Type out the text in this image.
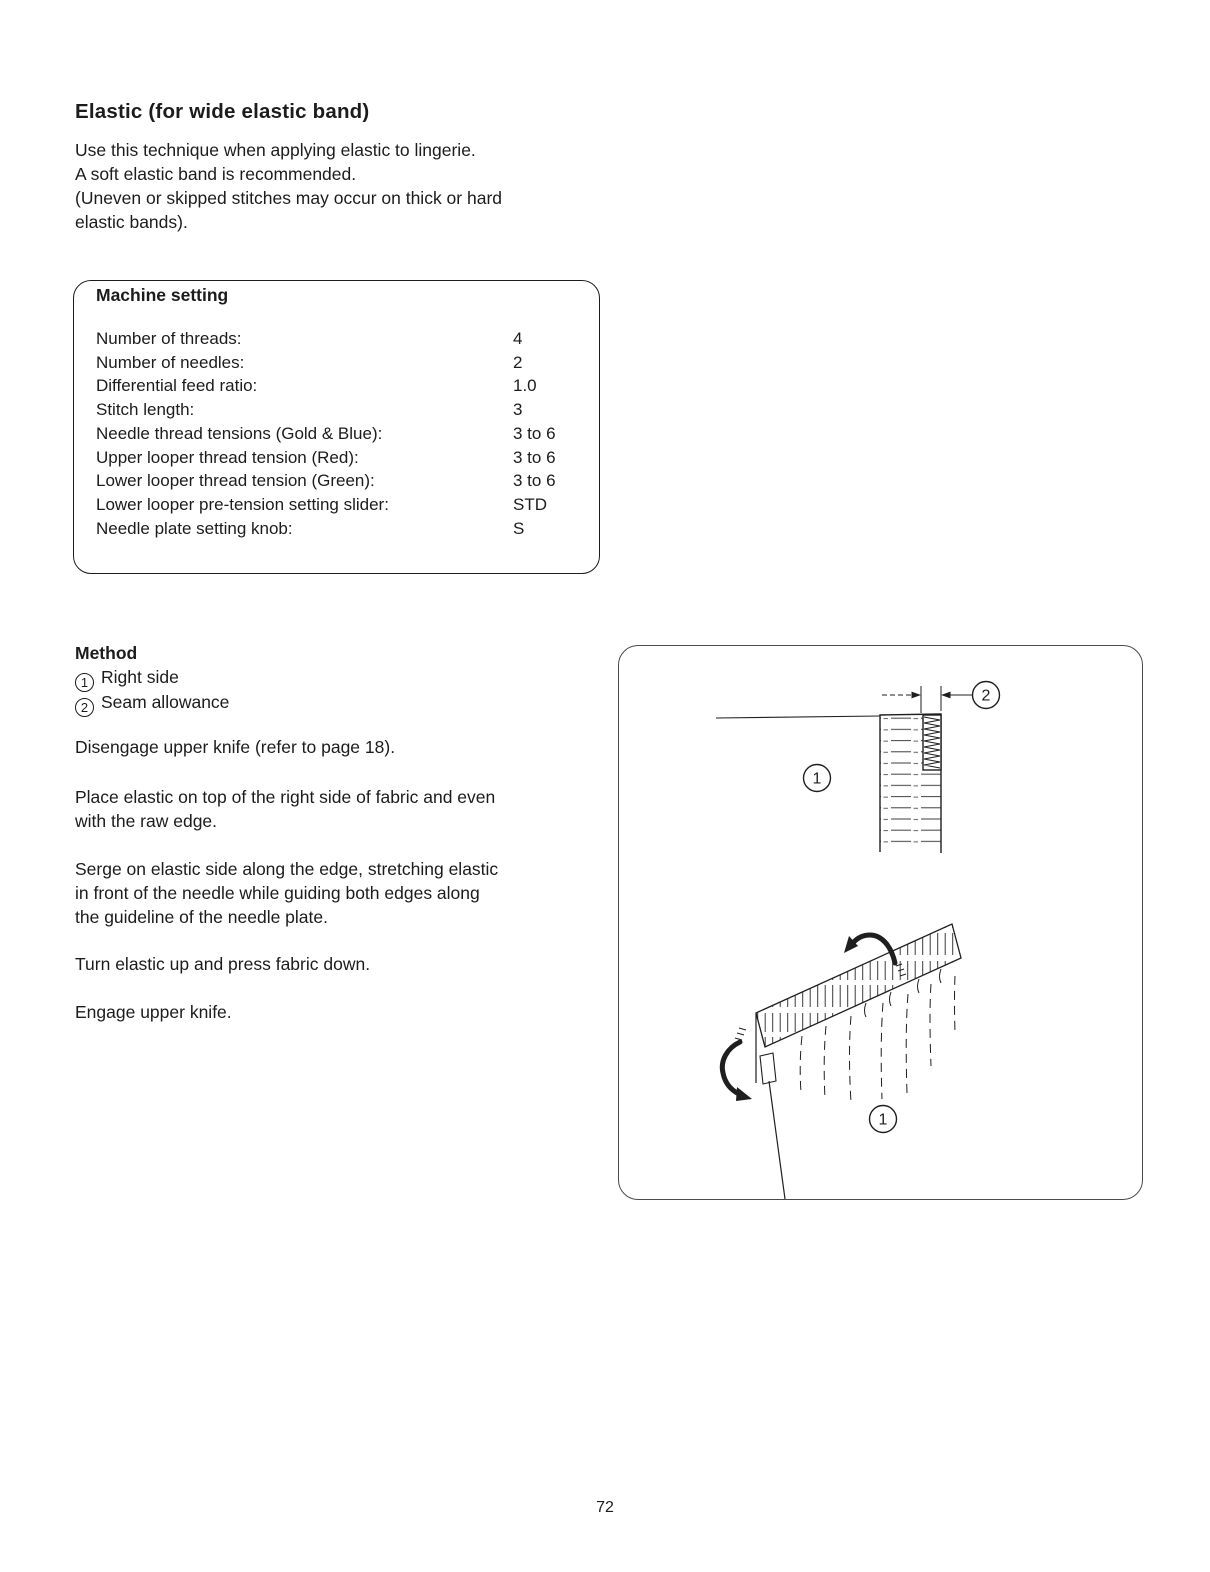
Elastic (for wide elastic band)
Use this technique when applying elastic to lingerie.
A soft elastic band is recommended.
(Uneven or skipped stitches may occur on thick or hard
elastic bands).
Machine setting
Number of threads:	4
Number of needles:	2
Differential feed ratio:	1.0
Stitch length:	3
Needle thread tensions (Gold & Blue):	3 to 6
Upper looper thread tension (Red):	3 to 6
Lower looper thread tension (Green):	3 to 6
Lower looper pre-tension setting slider:	STD
Needle plate setting knob:	S
Method
1 Right side
2 Seam allowance
Disengage upper knife (refer to page 18).
Place elastic on top of the right side of fabric and even
with the raw edge.
Serge on elastic side along the edge, stretching elastic
in front of the needle while guiding both edges along
the guideline of the needle plate.
Turn elastic up and press fabric down.
Engage upper knife.
2
1
1
72
